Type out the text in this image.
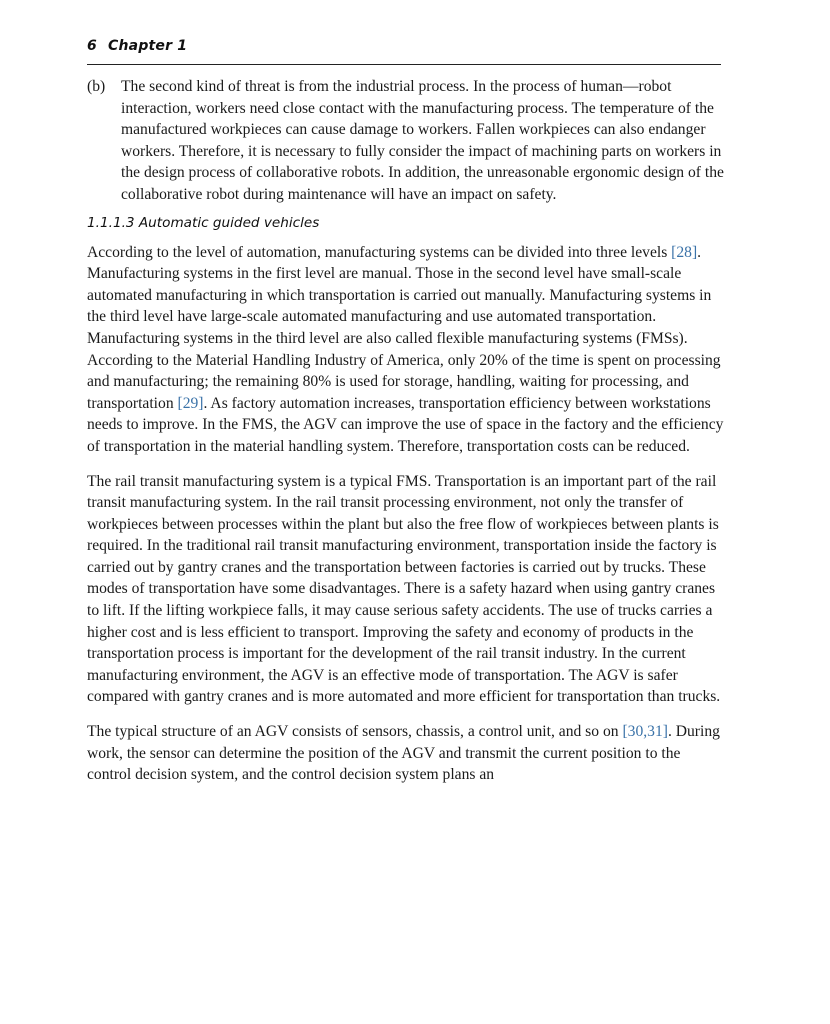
6 Chapter 1
(b) The second kind of threat is from the industrial process. In the process of human—robot interaction, workers need close contact with the manufacturing process. The temperature of the manufactured workpieces can cause damage to workers. Fallen workpieces can also endanger workers. Therefore, it is necessary to fully consider the impact of machining parts on workers in the design process of collaborative robots. In addition, the unreasonable ergonomic design of the collaborative robot during maintenance will have an impact on safety.
1.1.1.3 Automatic guided vehicles

According to the level of automation, manufacturing systems can be divided into three levels [28]. Manufacturing systems in the first level are manual. Those in the second level have small-scale automated manufacturing in which transportation is carried out manually. Manufacturing systems in the third level have large-scale automated manufacturing and use automated transportation. Manufacturing systems in the third level are also called flexible manufacturing systems (FMSs). According to the Material Handling Industry of America, only 20% of the time is spent on processing and manufacturing; the remaining 80% is used for storage, handling, waiting for processing, and transportation [29]. As factory automation increases, transportation efficiency between workstations needs to improve. In the FMS, the AGV can improve the use of space in the factory and the efficiency of transportation in the material handling system. Therefore, transportation costs can be reduced.

The rail transit manufacturing system is a typical FMS. Transportation is an important part of the rail transit manufacturing system. In the rail transit processing environment, not only the transfer of workpieces between processes within the plant but also the free flow of workpieces between plants is required. In the traditional rail transit manufacturing environment, transportation inside the factory is carried out by gantry cranes and the transportation between factories is carried out by trucks. These modes of transportation have some disadvantages. There is a safety hazard when using gantry cranes to lift. If the lifting workpiece falls, it may cause serious safety accidents. The use of trucks carries a higher cost and is less efficient to transport. Improving the safety and economy of products in the transportation process is important for the development of the rail transit industry. In the current manufacturing environment, the AGV is an effective mode of transportation. The AGV is safer compared with gantry cranes and is more automated and more efficient for transportation than trucks.

The typical structure of an AGV consists of sensors, chassis, a control unit, and so on [30,31]. During work, the sensor can determine the position of the AGV and transmit the current position to the control decision system, and the control decision system plans an
